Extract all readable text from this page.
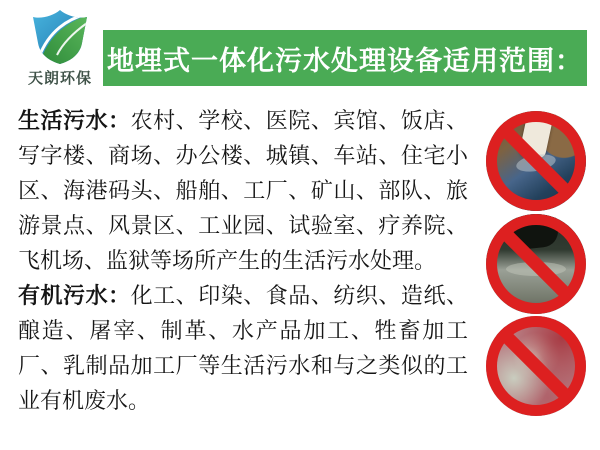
天朗环保
地埋式一体化污水处理设备适用范围：

生活污水：农村、学校、医院、宾馆、饭店、写字楼、商场、办公楼、城镇、车站、住宅小区、海港码头、船舶、工厂、矿山、部队、旅游景点、风景区、工业园、试验室、疗养院、飞机场、监狱等场所产生的生活污水处理。

有机污水：化工、印染、食品、纺织、造纸、酿造、屠宰、制革、水产品加工、牲畜加工厂、乳制品加工厂等生活污水和与之类似的工业有机废水。
